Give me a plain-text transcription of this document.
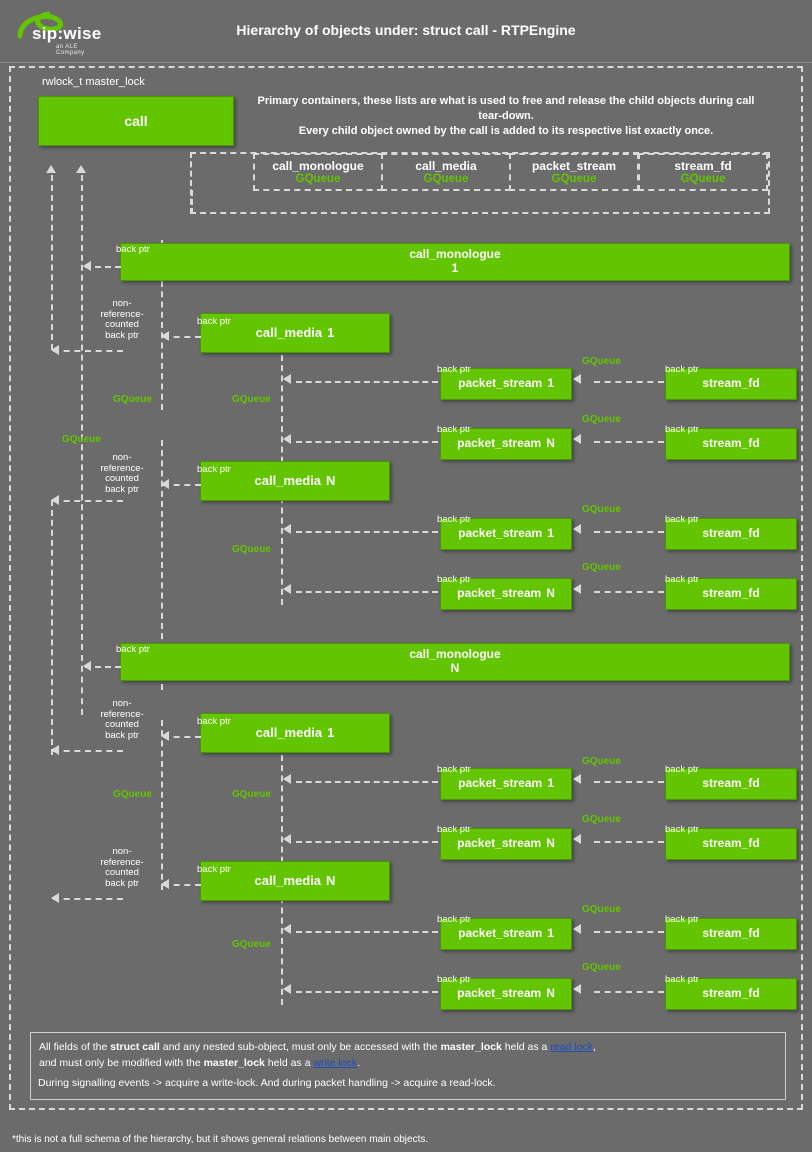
sip:wise
an ALE Company
Hierarchy of objects under: struct call - RTPEngine
rwlock_t master_lock
Primary containers, these lists are what is used to free and release the child objects during call tear-down.
Every child object owned by the call is added to its respective list exactly once.
call
call_monologue
GQueue
call_media
GQueue
packet_stream
GQueue
stream_fd
GQueue
GQueue
GQueue	GQueue
GQueue
GQueue	GQueue
GQueue
non-
reference-
counted
back ptr
non-
reference-
counted
back ptr
non-
reference-
counted
back ptr
non-
reference-
counted
back ptr
call_monologue
1
back ptr
call_media 1
back ptr
packet_stream 1
back ptr
stream_fd
back ptr
GQueue
packet_stream N
back ptr
stream_fd
back ptr
GQueue
call_media N
back ptr
packet_stream 1
back ptr
stream_fd
back ptr
GQueue
packet_stream N
back ptr
stream_fd
back ptr
GQueue
call_monologue
N
back ptr
call_media 1
back ptr
packet_stream 1
back ptr
stream_fd
back ptr
GQueue
packet_stream N
back ptr
stream_fd
back ptr
GQueue
call_media N
back ptr
packet_stream 1
back ptr
stream_fd
back ptr
GQueue
packet_stream N
back ptr
stream_fd
back ptr
GQueue
All fields of the struct call and any nested sub-object, must only be accessed with the master_lock held as a read lock,
and must only be modified with the master_lock held as a write lock.
During signalling events -> acquire a write-lock. And during packet handling -> acquire a read-lock.
*this is not a full schema of the hierarchy, but it shows general relations between main objects.
